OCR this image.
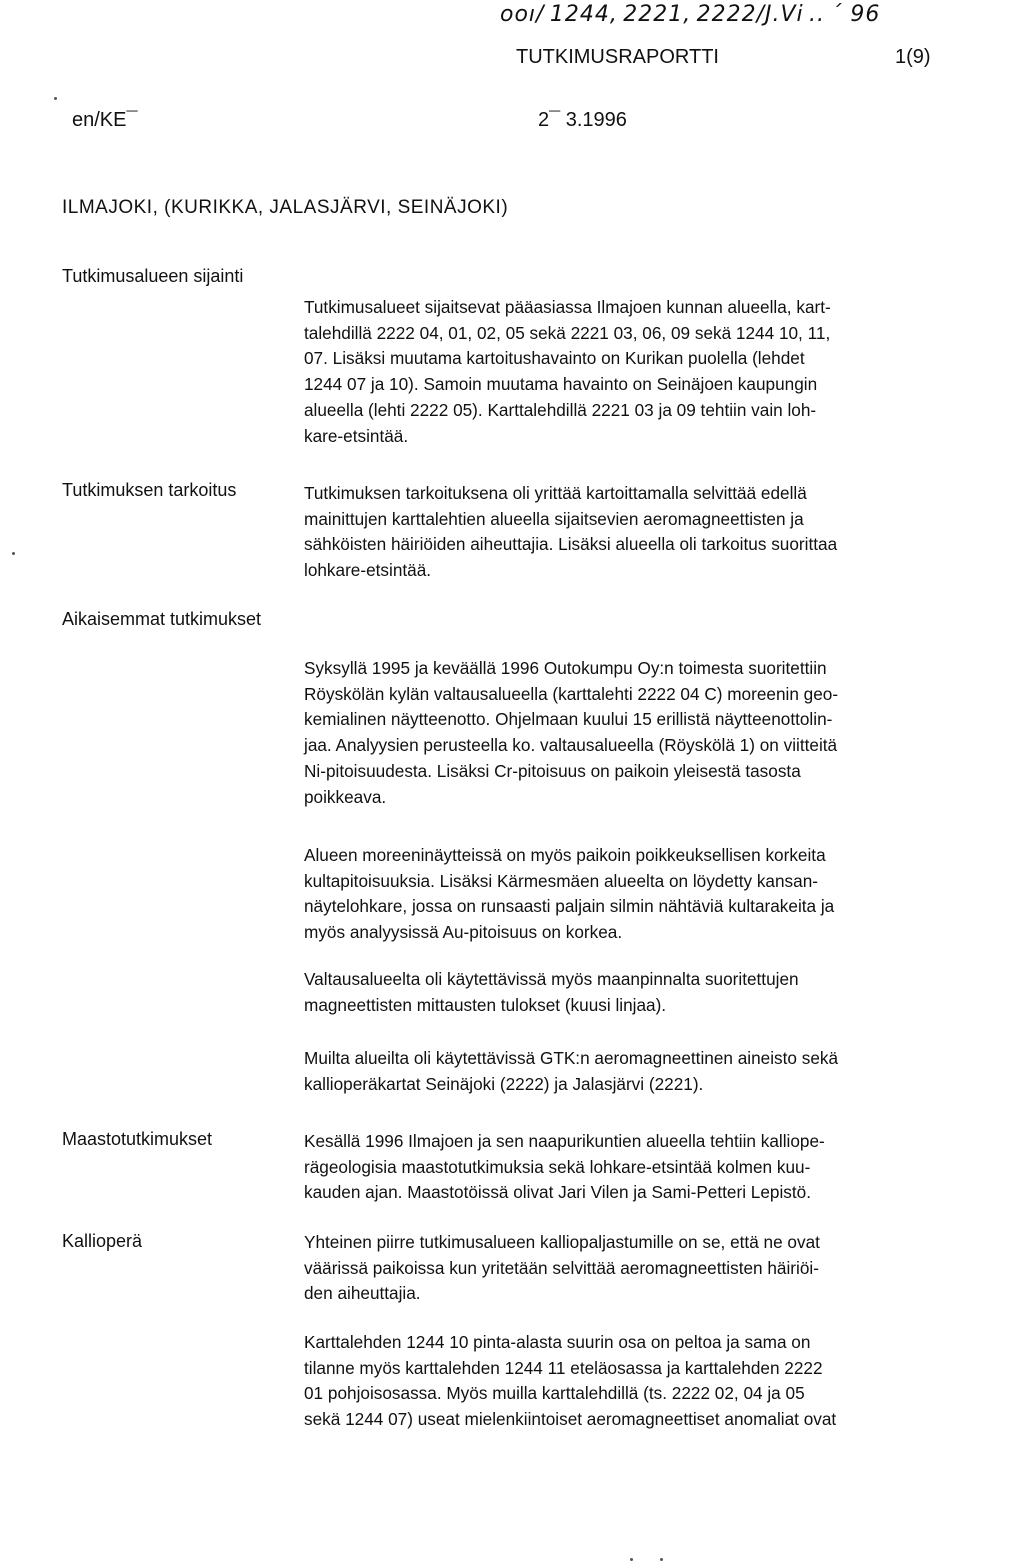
ooı/ 1244, 2221, 2222/J.Vi .. ´ 96
TUTKIMUSRAPORTTI	1(9)
en/KE¯	2¯ 3.1996
ILMAJOKI, (KURIKKA, JALASJÄRVI, SEINÄJOKI)
Tutkimusalueen sijainti
Tutkimusalueet sijaitsevat pääasiassa Ilmajoen kunnan alueella, kart-
talehdillä 2222 04, 01, 02, 05 sekä 2221 03, 06, 09 sekä 1244 10, 11,
07. Lisäksi muutama kartoitushavainto on Kurikan puolella (lehdet
1244 07 ja 10). Samoin muutama havainto on Seinäjoen kaupungin
alueella (lehti 2222 05). Karttalehdillä 2221 03 ja 09 tehtiin vain loh-
kare-etsintää.
Tutkimuksen tarkoitus	Tutkimuksen tarkoituksena oli yrittää kartoittamalla selvittää edellä
mainittujen karttalehtien alueella sijaitsevien aeromagneettisten ja
sähköisten häiriöiden aiheuttajia. Lisäksi alueella oli tarkoitus suorittaa
lohkare-etsintää.
Aikaisemmat tutkimukset
Syksyllä 1995 ja keväällä 1996 Outokumpu Oy:n toimesta suoritettiin
Röyskölän kylän valtausalueella (karttalehti 2222 04 C) moreenin geo-
kemialinen näytteenotto. Ohjelmaan kuului 15 erillistä näytteenottolin-
jaa. Analyysien perusteella ko. valtausalueella (Röyskölä 1) on viitteitä
Ni-pitoisuudesta. Lisäksi Cr-pitoisuus on paikoin yleisestä tasosta
poikkeava.
Alueen moreeninäytteissä on myös paikoin poikkeuksellisen korkeita
kultapitoisuuksia. Lisäksi Kärmesmäen alueelta on löydetty kansan-
näytelohkare, jossa on runsaasti paljain silmin nähtäviä kultarakeita ja
myös analyysissä Au-pitoisuus on korkea.
Valtausalueelta oli käytettävissä myös maanpinnalta suoritettujen
magneettisten mittausten tulokset (kuusi linjaa).
Muilta alueilta oli käytettävissä GTK:n aeromagneettinen aineisto sekä
kallioperäkartat Seinäjoki (2222) ja Jalasjärvi (2221).
Maastotutkimukset	Kesällä 1996 Ilmajoen ja sen naapurikuntien alueella tehtiin kalliope-
rägeologisia maastotutkimuksia sekä lohkare-etsintää kolmen kuu-
kauden ajan. Maastotöissä olivat Jari Vilen ja Sami-Petteri Lepistö.
Kallioperä	Yhteinen piirre tutkimusalueen kalliopaljastumille on se, että ne ovat
väärissä paikoissa kun yritetään selvittää aeromagneettisten häiriöi-
den aiheuttajia.
Karttalehden 1244 10 pinta-alasta suurin osa on peltoa ja sama on
tilanne myös karttalehden 1244 11 eteläosassa ja karttalehden 2222
01 pohjoisosassa. Myös muilla karttalehdillä (ts. 2222 02, 04 ja 05
sekä 1244 07) useat mielenkiintoiset aeromagneettiset anomaliat ovat
